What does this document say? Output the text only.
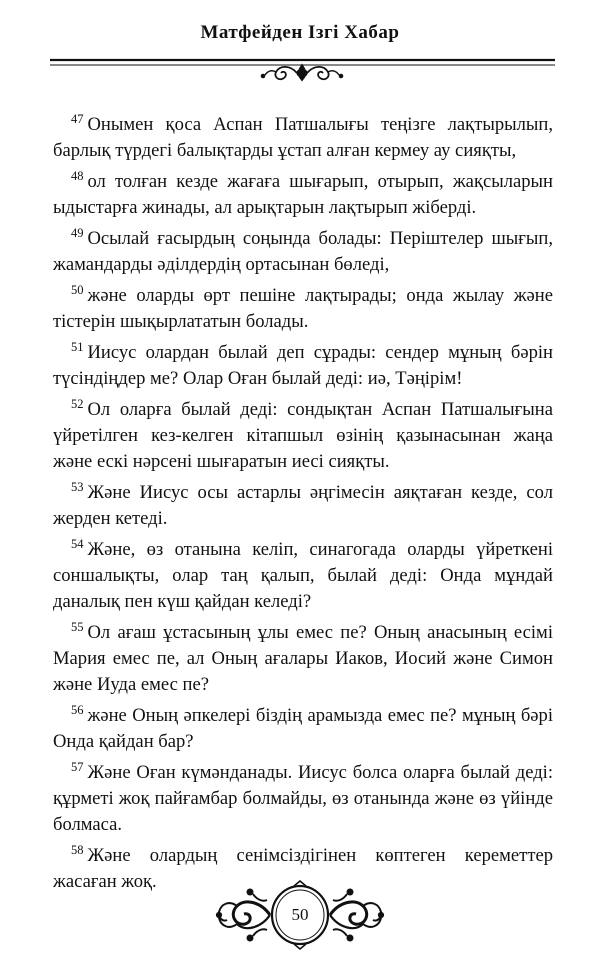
Матфейден Ізгі Хабар

$^{47}$ Онымен қоса Аспан Патшалығы теңізге лақтырылып, барлық түрдегі балықтарды ұстап алған кермеу ау сияқты,

$^{48}$ ол толған кезде жағаға шығарып, отырып, жақсыларын ыдыстарға жинады, ал арықтарын лақтырып жіберді.

$^{49}$ Осылай ғасырдың соңында болады: Періштелер шығып, жамандарды әділдердің ортасынан бөледі,

$^{50}$ және оларды өрт пешіне лақтырады; онда жылау және тістерін шықырлататын болады.

$^{51}$ Иисус олардан былай деп сұрады: сендер мұның бәрін түсіндіңдер ме? Олар Оған былай деді: иә, Тәңірім!

$^{52}$ Ол оларға былай деді: сондықтан Аспан Патшалығына үйретілген кез-келген кітапшыл өзінің қазынасынан жаңа және ескі нәрсені шығаратын иесі сияқты.

$^{53}$ Және Иисус осы астарлы әңгімесін аяқтаған кезде, сол жерден кетеді.

$^{54}$ Және, өз отанына келіп, синагогада оларды үйреткені соншалықты, олар таң қалып, былай деді: Онда мұндай даналық пен күш қайдан келеді?

$^{55}$ Ол ағаш ұстасының ұлы емес пе? Оның анасының есімі Мария емес пе, ал Оның ағалары Иаков, Иосий және Симон және Иуда емес пе?

$^{56}$ және Оның әпкелері біздің арамызда емес пе? мұның бәрі Онда қайдан бар?

$^{57}$ Және Оған күмәнданады. Иисус болса оларға былай деді: құрметі жоқ пайғамбар болмайды, өз отанында және өз үйінде болмаса.

$^{58}$ Және олардың сенімсіздігінен көптеген кереметтер жасаған жоқ.

50
